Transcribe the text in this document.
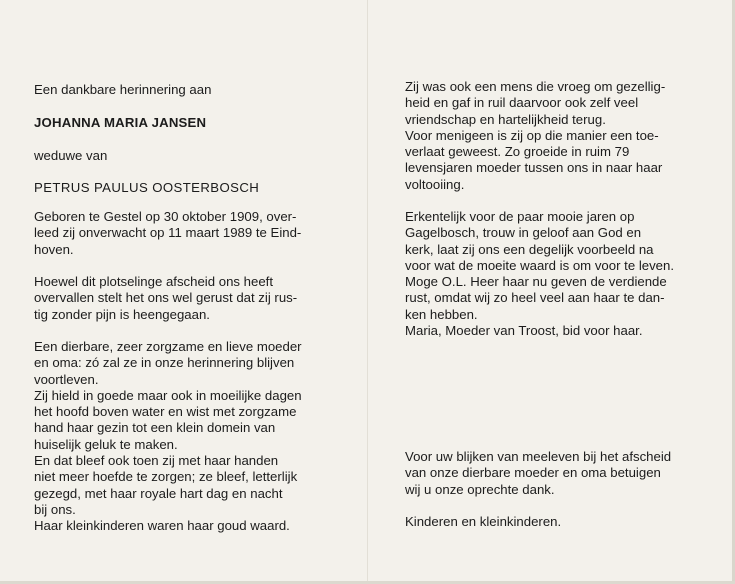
Een dankbare herinnering aan
JOHANNA MARIA JANSEN
weduwe van
PETRUS PAULUS OOSTERBOSCH
Geboren te Gestel op 30 oktober 1909, over-
leed zij onverwacht op 11 maart 1989 te Eind-
hoven.
Hoewel dit plotselinge afscheid ons heeft
overvallen stelt het ons wel gerust dat zij rus-
tig zonder pijn is heengegaan.
Een dierbare, zeer zorgzame en lieve moeder
en oma: zó zal ze in onze herinnering blijven
voortleven.
Zij hield in goede maar ook in moeilijke dagen
het hoofd boven water en wist met zorgzame
hand haar gezin tot een klein domein van
huiselijk geluk te maken.
En dat bleef ook toen zij met haar handen
niet meer hoefde te zorgen; ze bleef, letterlijk
gezegd, met haar royale hart dag en nacht
bij ons.
Haar kleinkinderen waren haar goud waard.
Zij was ook een mens die vroeg om gezellig-
heid en gaf in ruil daarvoor ook zelf veel
vriendschap en hartelijkheid terug.
Voor menigeen is zij op die manier een toe-
verlaat geweest. Zo groeide in ruim 79
levensjaren moeder tussen ons in naar haar
voltooiing.
Erkentelijk voor de paar mooie jaren op
Gagelbosch, trouw in geloof aan God en
kerk, laat zij ons een degelijk voorbeeld na
voor wat de moeite waard is om voor te leven.
Moge O.L. Heer haar nu geven de verdiende
rust, omdat wij zo heel veel aan haar te dan-
ken hebben.
Maria, Moeder van Troost, bid voor haar.
Voor uw blijken van meeleven bij het afscheid
van onze dierbare moeder en oma betuigen
wij u onze oprechte dank.
Kinderen en kleinkinderen.
